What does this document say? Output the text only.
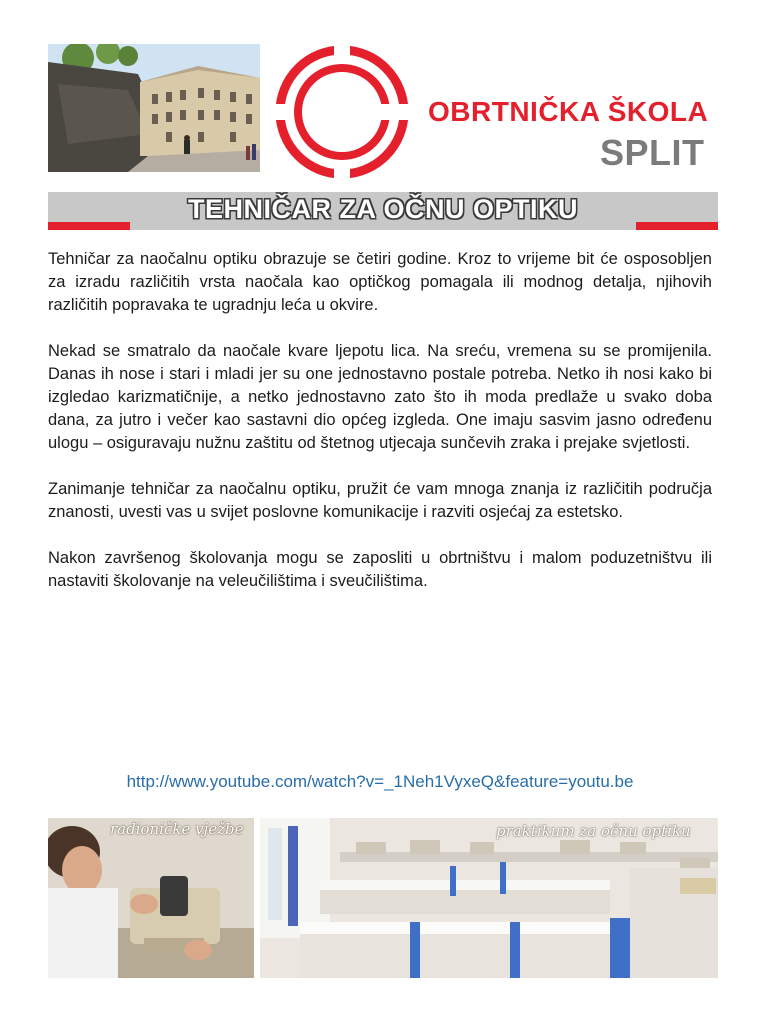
OBRTNIČKA ŠKOLA
SPLIT
TEHNIČAR ZA OČNU OPTIKU

Tehničar za naočalnu optiku obrazuje se četiri godine. Kroz to vrijeme bit će osposobljen za izradu različitih vrsta naočala kao optičkog pomagala ili modnog detalja, njihovih različitih popravaka te ugradnju leća u okvire.

Nekad se smatralo da naočale kvare ljepotu lica. Na sreću, vremena su se promijenila. Danas ih nose i stari i mladi jer su one jednostavno postale potreba. Netko ih nosi kako bi izgledao karizmatičnije, a netko jednostavno zato što ih moda predlaže u svako doba dana, za jutro i večer kao sastavni dio općeg izgleda. One imaju sasvim jasno određenu ulogu – osiguravaju nužnu zaštitu od štetnog utjecaja sunčevih zraka i prejake svjetlosti.

Zanimanje tehničar za naočalnu optiku, pružit će vam mnoga znanja iz različitih područja znanosti, uvesti vas u svijet poslovne komunikacije i razviti osjećaj za estetsko.

Nakon završenog školovanja mogu se zaposliti u obrtništvu i malom poduzetništvu ili nastaviti školovanje na veleučilištima i sveučilištima.

http://www.youtube.com/watch?v=_1Neh1VyxeQ&feature=youtu.be
radioničke vježbe	praktikum za očnu optiku
